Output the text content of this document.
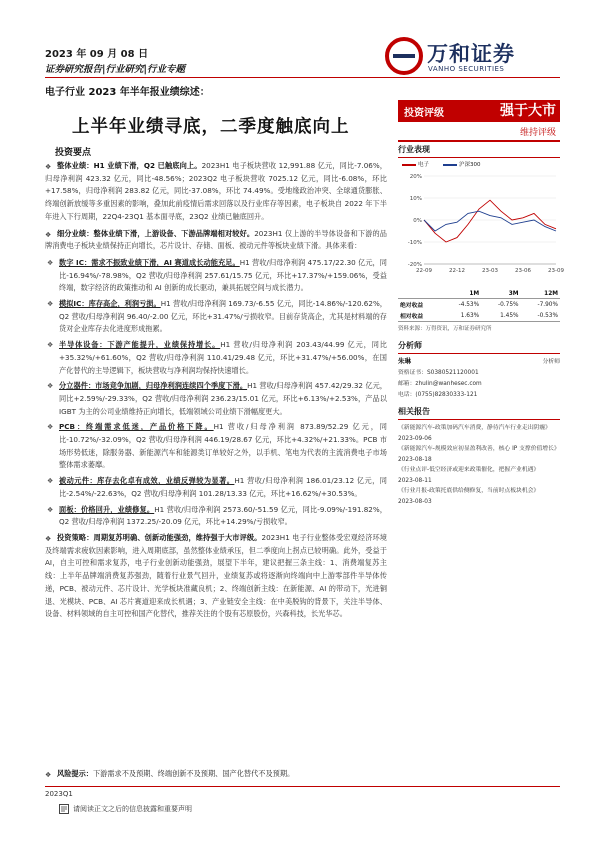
2023 年 09 月 08 日
证券研究报告|行业研究|行业专题
万和证券
VANHO SECURITIES
电子行业 2023 年半年报业绩综述：
上半年业绩寻底，二季度触底向上
投资评级	强于大市
维持评级
投资要点
❖ 整体业绩：H1 业绩下滑，Q2 已触底向上。2023H1 电子板块营收 12,991.88 亿元，同比-7.06%，归母净利润 423.32 亿元，同比-48.56%；2023Q2 电子板块营收 7025.12 亿元，同比-6.08%，环比+17.58%，归母净利润 283.82 亿元，同比-37.08%，环比 74.49%。受地缘政治冲突、全球通货膨胀、终端创新放缓等多重因素的影响，叠加此前疫情后需求回落以及行业库存等因素，电子板块自 2022 年下半年进入下行周期，22Q4-23Q1 基本面寻底，23Q2 业绩已触底回升。
❖ 细分业绩：整体业绩下滑，上游设备、下游品牌端相对较好。2023H1 仅上游的半导体设备和下游的品牌消费电子板块业绩保持正向增长，芯片设计、存储、面板、被动元件等板块业绩下滑。具体来看：
❖ 数字 IC：需求不振致业绩下滑，AI 赛道成长动能充足。H1 营收/归母净利润 475.17/22.30 亿元，同比-16.94%/-78.98%，Q2 营收/归母净利润 257.61/15.75 亿元，环比+17.37%/+159.06%，受益终端，数字经济的政策推动和 AI 创新的成长驱动，兼具拓展空间与成长潜力。
❖ 模拟IC：库存高企，利润亏损。H1 营收/归母净利润 169.73/-6.55 亿元，同比-14.86%/-120.62%，Q2 营收/归母净利润 96.40/-2.00 亿元，环比+31.47%/亏损收窄。目前存货高企，尤其是材料端的存货对企业库存去化进度形成拖累。
❖ 半导体设备：下游产能提升，业绩保持增长。H1 营收/归母净利润 203.43/44.99 亿元，同比+35.32%/+61.60%，Q2 营收/归母净利润 110.41/29.48 亿元，环比+31.47%/+56.00%，在国产化替代的主导逻辑下，板块营收与净利润均保持快速增长。
❖ 分立器件：市场竞争加剧，归母净利润连续四个季度下滑。H1 营收/归母净利润 457.42/29.32 亿元，同比+2.59%/-29.33%，Q2 营收/归母净利润 236.23/15.01 亿元，环比+6.13%/+2.53%，产品以 IGBT 为主的公司业绩维持正向增长，低端领域公司业绩下滑幅度更大。
❖ PCB：终端需求低迷，产品价格下降。H1 营收/归母净利润 873.89/52.29 亿元，同比-10.72%/-32.09%，Q2 营收/归母净利润 446.19/28.67 亿元，环比+4.32%/+21.33%。PCB 市场形势低迷，除服务器、新能源汽车和能源类订单较好之外，以手机、笔电为代表的主流消费电子市场整体需求萎靡。
❖ 被动元件：库存去化卓有成效，业绩反弹较为显著。H1 营收/归母净利润 186.01/23.12 亿元，同比-2.54%/-22.63%，Q2 营收/归母净利润 101.28/13.33 亿元，环比+16.62%/+30.53%。
❖ 面板：价格回升，业绩修复。H1 营收/归母净利润 2573.60/-51.59 亿元，同比-9.09%/-191.82%，Q2 营收/归母净利润 1372.25/-20.09 亿元，环比+14.29%/亏损收窄。
❖ 投资策略：周期复苏明确、创新动能强劲，维持强于大市评级。2023H1 电子行业整体受宏观经济环境及终端需求疲软因素影响，进入周期底部，虽然整体业绩承压，但二季度向上拐点已较明确。此外，受益于 AI，自主可控和需求复苏，电子行业创新动能强劲，展望下半年，建议把握三条主线：1、消费端复苏主线：上半年品牌端消费复苏强劲，随着行业景气回升，业绩复苏或将逐渐向终端向中上游零部件半导体传递，PCB、被动元件、芯片设计、光学板块准藏良机；2、终端创新主线：在新能源、AI 的带动下，光进铜退、光模块、PCB、AI 芯片赛道迎来成长机遇；3、产业链安全主线：在中美脱钩的背景下，关注半导体、设备、材料领域的自主可控和国产化替代，推荐关注的个股有芯原股份，兴森科技，长光华芯。
行业表现
电子	沪深300
-20%
-10%
0%
10%
20%
22-09	22-12	23-03	23-06	23-09
	1M	3M	12M
绝对收益	-4.53%	-0.75%	-7.90%
相对收益	1.63%	1.45%	-0.53%
资料来源：万得资讯，万和证券研究所
分析师
朱琳	分析师
资格证书：S0380521120001
邮箱：zhulin@wanhesec.com
电话：(0755)82830333-121
相关报告
《新能源汽车-政策加码汽车消费，静待汽车行业走出阴霾》
2023-09-06
《新能源汽车-规模效应初显盈利改善，核心 IP 支撑价值增长》
2023-08-18
《行业点评-低空经济或迎来政策催化，把握产业机遇》
2023-08-11
《行业月报-政策托底供给侧修复，当前时点板块机会》
2023-08-03
❖ 风险提示：下游需求不及预期、终端创新不及预期、国产化替代不及预期。
2023Q1
请阅读正文之后的信息披露和重要声明
